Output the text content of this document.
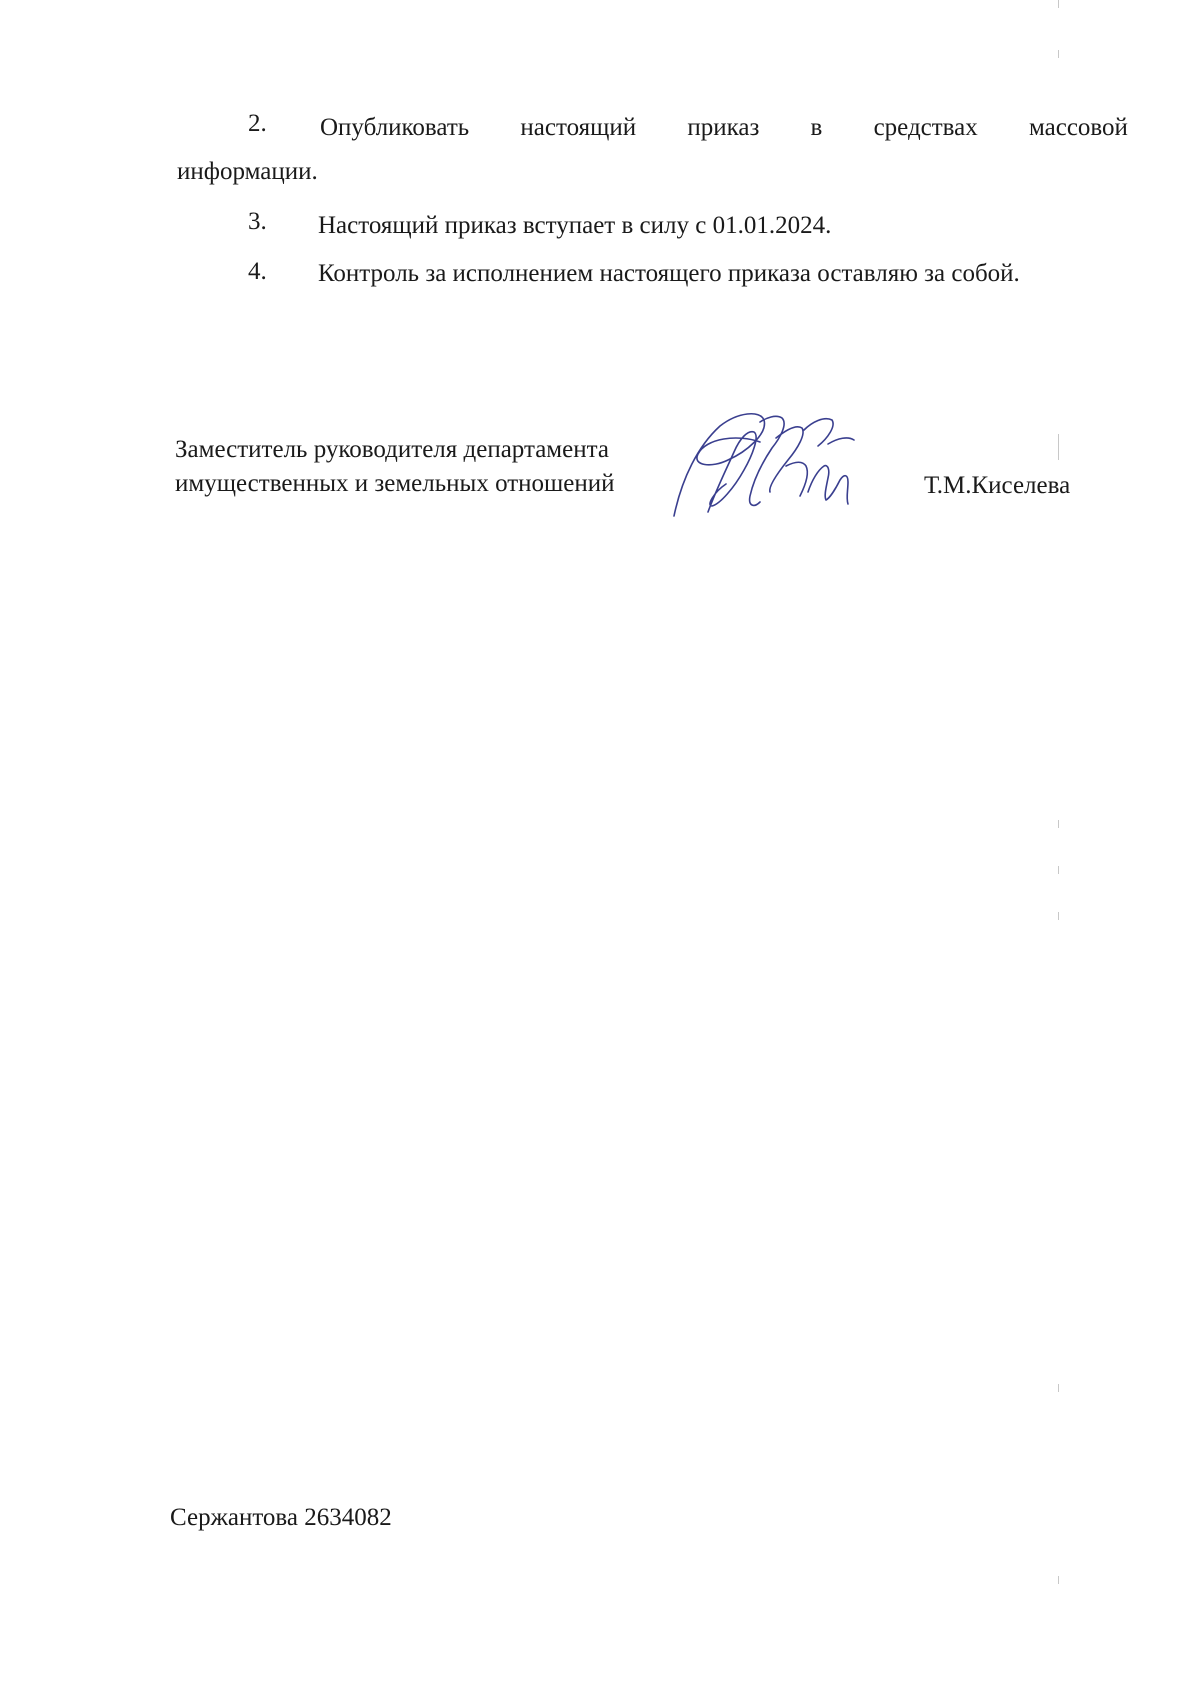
2. Опубликовать настоящий приказ в средствах массовой
информации.
3. Настоящий приказ вступает в силу с 01.01.2024.
4. Контроль за исполнением настоящего приказа оставляю за собой.
Заместитель руководителя департамента
имущественных и земельных отношений	Т.М.Киселева
Сержантова 2634082
